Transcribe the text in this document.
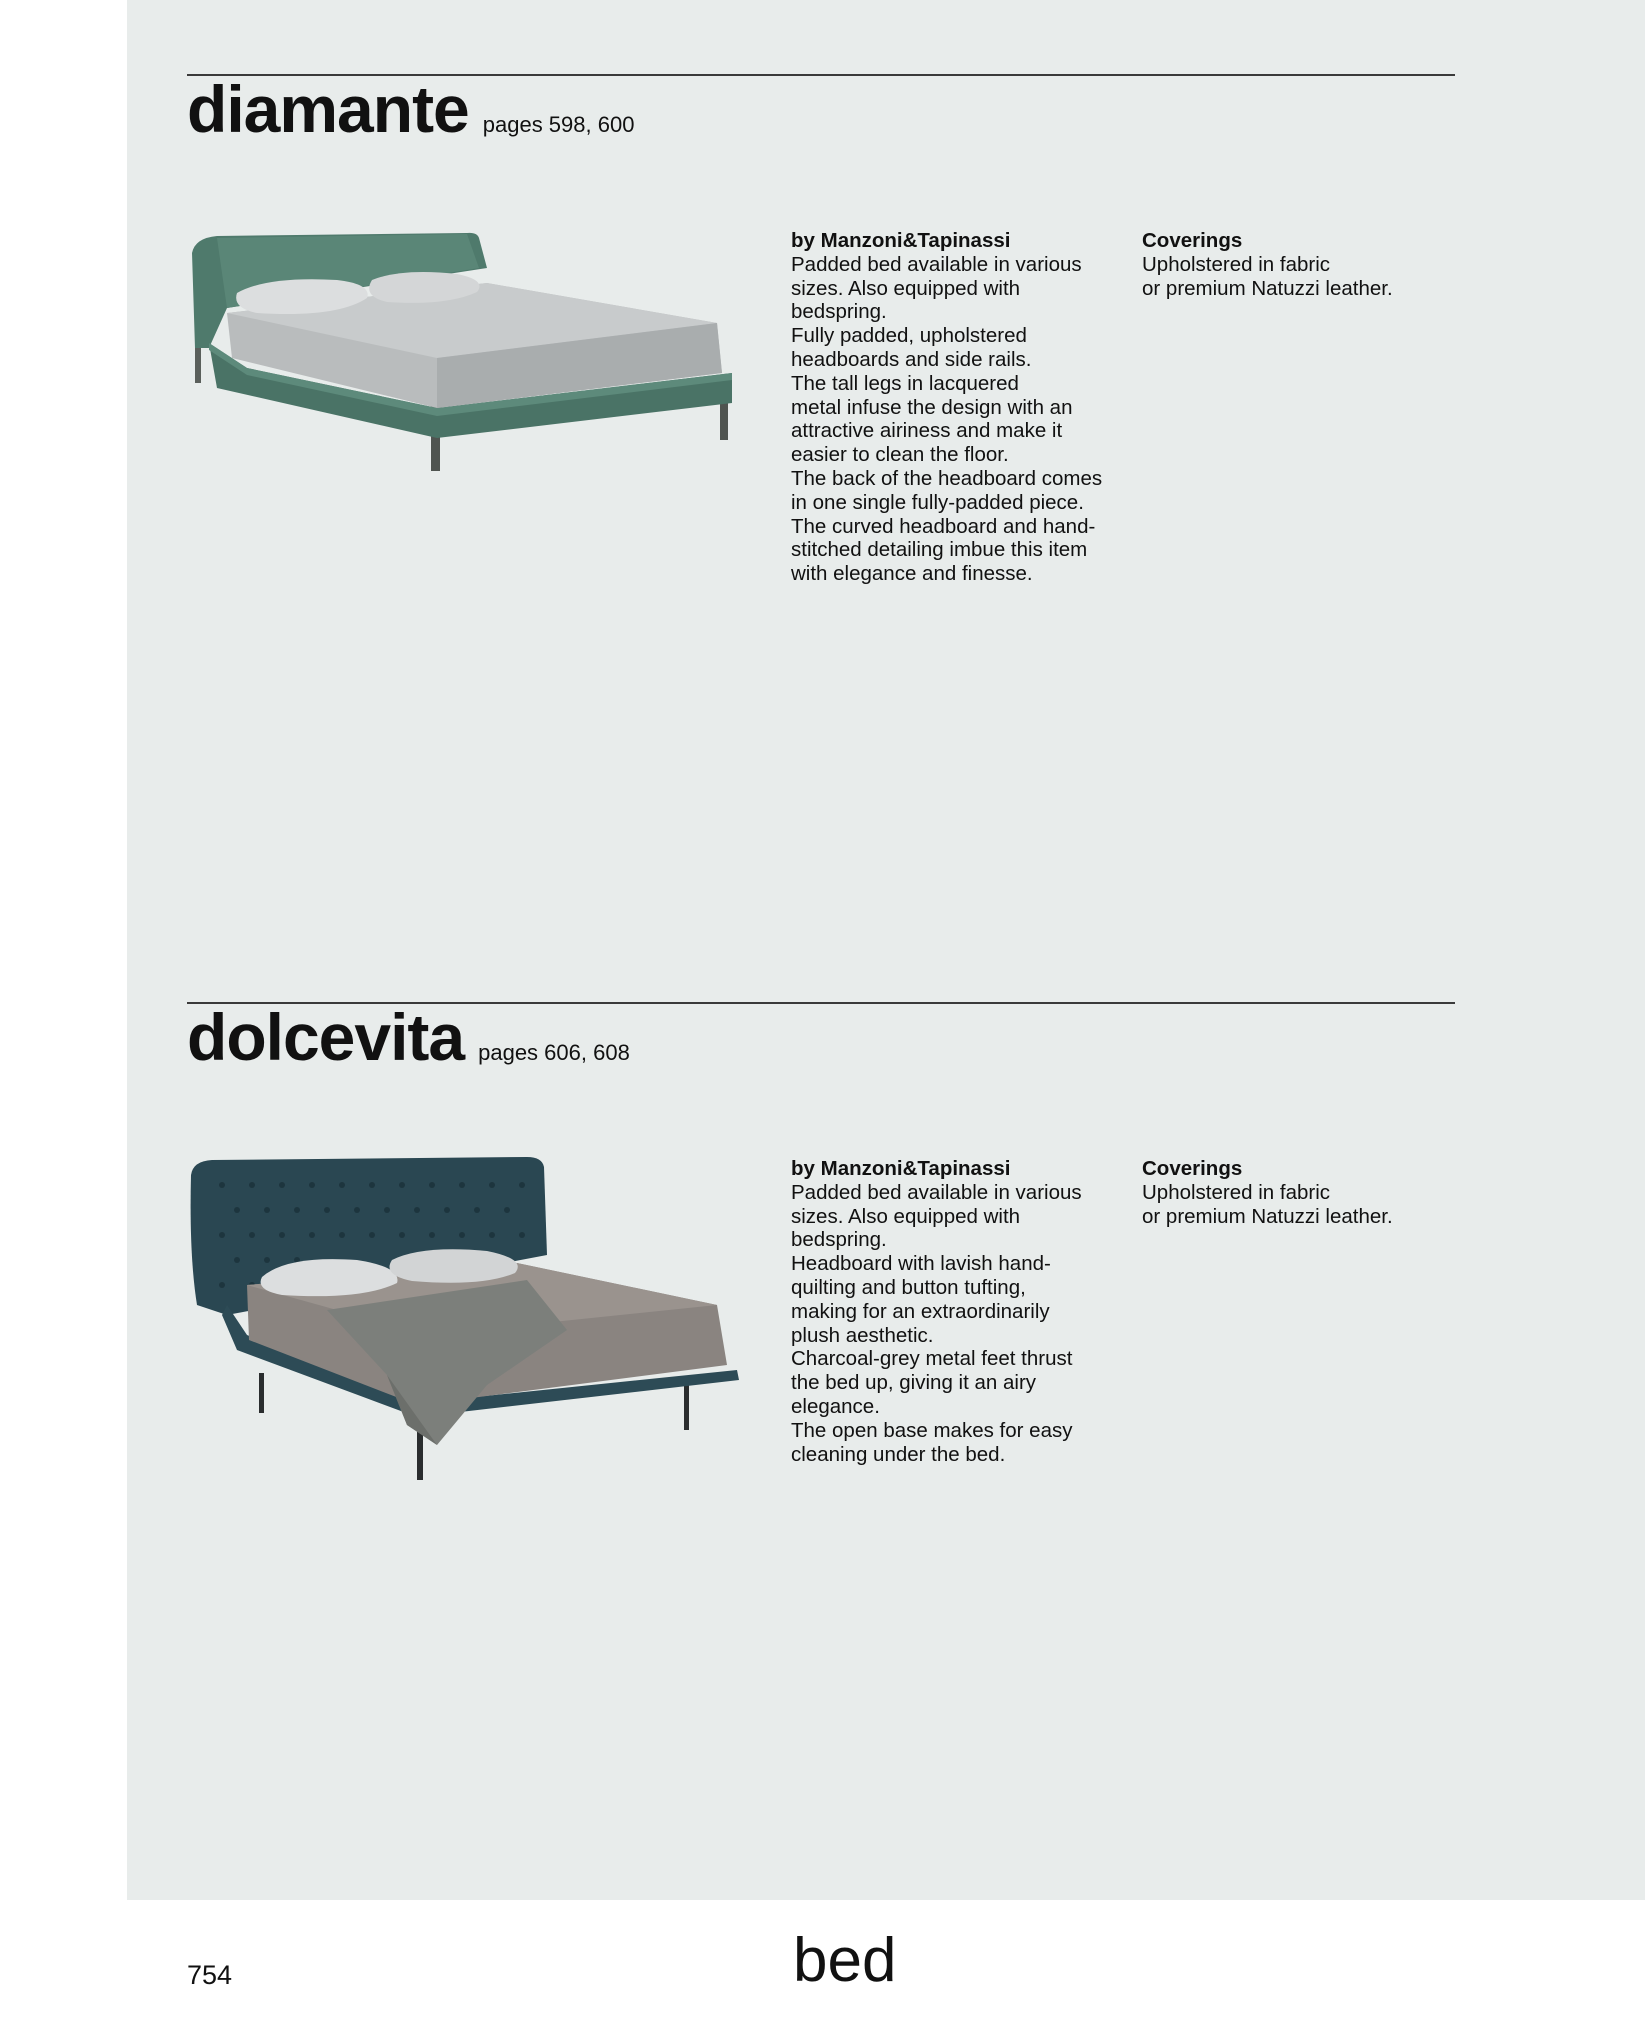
diamante pages 598, 600
by Manzoni&Tapinassi
Padded bed available in various
sizes. Also equipped with
bedspring.
Fully padded, upholstered
headboards and side rails.
The tall legs in lacquered
metal infuse the design with an
attractive airiness and make it
easier to clean the floor.
The back of the headboard comes
in one single fully-padded piece.
The curved headboard and hand-
stitched detailing imbue this item
with elegance and finesse.
Coverings
Upholstered in fabric
or premium Natuzzi leather.
dolcevita pages 606, 608
by Manzoni&Tapinassi
Padded bed available in various
sizes. Also equipped with
bedspring.
Headboard with lavish hand-
quilting and button tufting,
making for an extraordinarily
plush aesthetic.
Charcoal-grey metal feet thrust
the bed up, giving it an airy
elegance.
The open base makes for easy
cleaning under the bed.
Coverings
Upholstered in fabric
or premium Natuzzi leather.
754	bed
